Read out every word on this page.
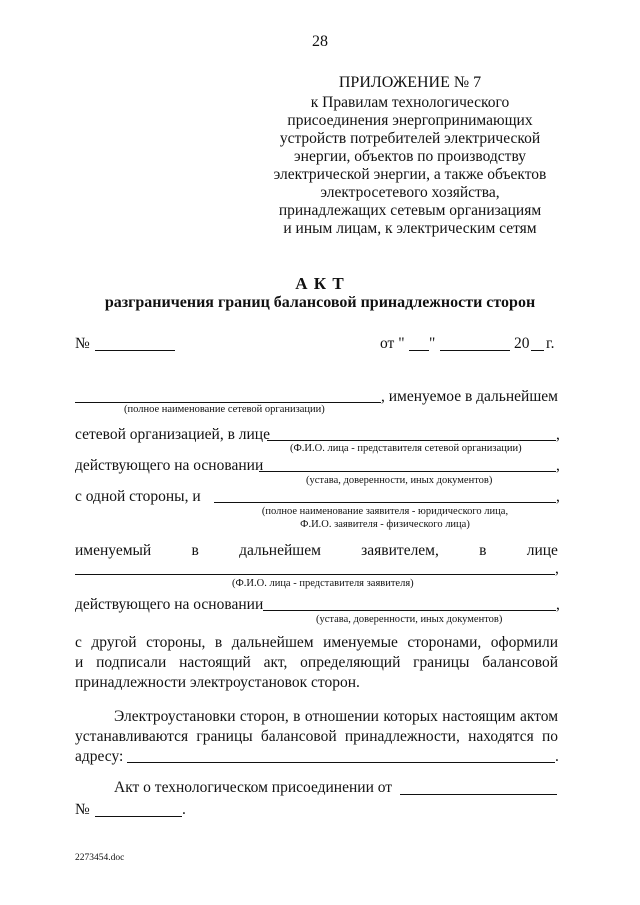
28
ПРИЛОЖЕНИЕ № 7
к Правилам технологического
присоединения энергопринимающих
устройств потребителей электрической
энергии, объектов по производству
электрической энергии, а также объектов
электросетевого хозяйства,
принадлежащих сетевым организациям
и иным лицам, к электрическим сетям
А К Т
разграничения границ балансовой принадлежности сторон
№	от " "	20 г.
, именуемое в дальнейшем
(полное наименование сетевой организации)
сетевой организацией, в лице	,
(Ф.И.О. лица - представителя сетевой организации)
действующего на основании	,
(устава, доверенности, иных документов)
с одной стороны, и	,
(полное наименование заявителя - юридического лица,
Ф.И.О. заявителя - физического лица)
именуемый	в	дальнейшем	заявителем,	в	лице
,
(Ф.И.О. лица - представителя заявителя)
действующего на основании	,
(устава, доверенности, иных документов)
с другой стороны, в дальнейшем именуемые сторонами, оформили
и подписали настоящий акт, определяющий границы балансовой
принадлежности электроустановок сторон.
Электроустановки сторон, в отношении которых настоящим актом
устанавливаются границы балансовой принадлежности, находятся по
адресу:	.
Акт о технологическом присоединении от
№	.
2273454.doc
